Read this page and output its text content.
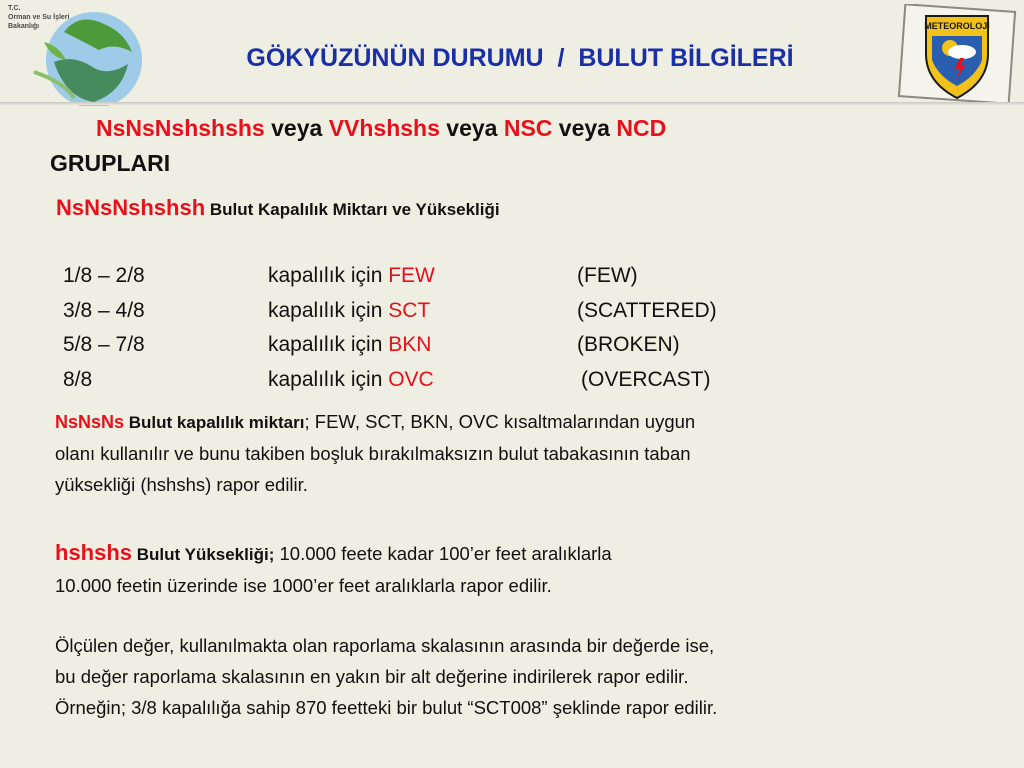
T.C.
Orman ve Su İşleri
Bakanlığı
GÖKYÜZÜNÜN DURUMU  /  BULUT BİLGİLERİ
METEOROLOJİ
NsNsNshshshs veya VVhshshs veya NSC veya NCD
GRUPLARI
NsNsNshshsh Bulut Kapalılık Miktarı ve Yüksekliği
1/8 – 2/8	kapalılık için FEW	(FEW)
3/8 – 4/8	kapalılık için SCT	(SCATTERED)
5/8 – 7/8	kapalılık için BKN	(BROKEN)
8/8	kapalılık için OVC	(OVERCAST)
NsNsNs Bulut kapalılık miktarı; FEW, SCT, BKN, OVC kısaltmalarından uygun
olanı kullanılır ve bunu takiben boşluk bırakılmaksızın bulut tabakasının taban
yüksekliği (hshshs) rapor edilir.
hshshs Bulut Yüksekliği; 10.000 feete kadar 100’er feet aralıklarla
10.000 feetin üzerinde ise 1000’er feet aralıklarla rapor edilir.
Ölçülen değer, kullanılmakta olan raporlama skalasının arasında bir değerde ise,
bu değer raporlama skalasının en yakın bir alt değerine indirilerek rapor edilir.
Örneğin; 3/8 kapalılığa sahip 870 feetteki bir bulut “SCT008” şeklinde rapor edilir.
